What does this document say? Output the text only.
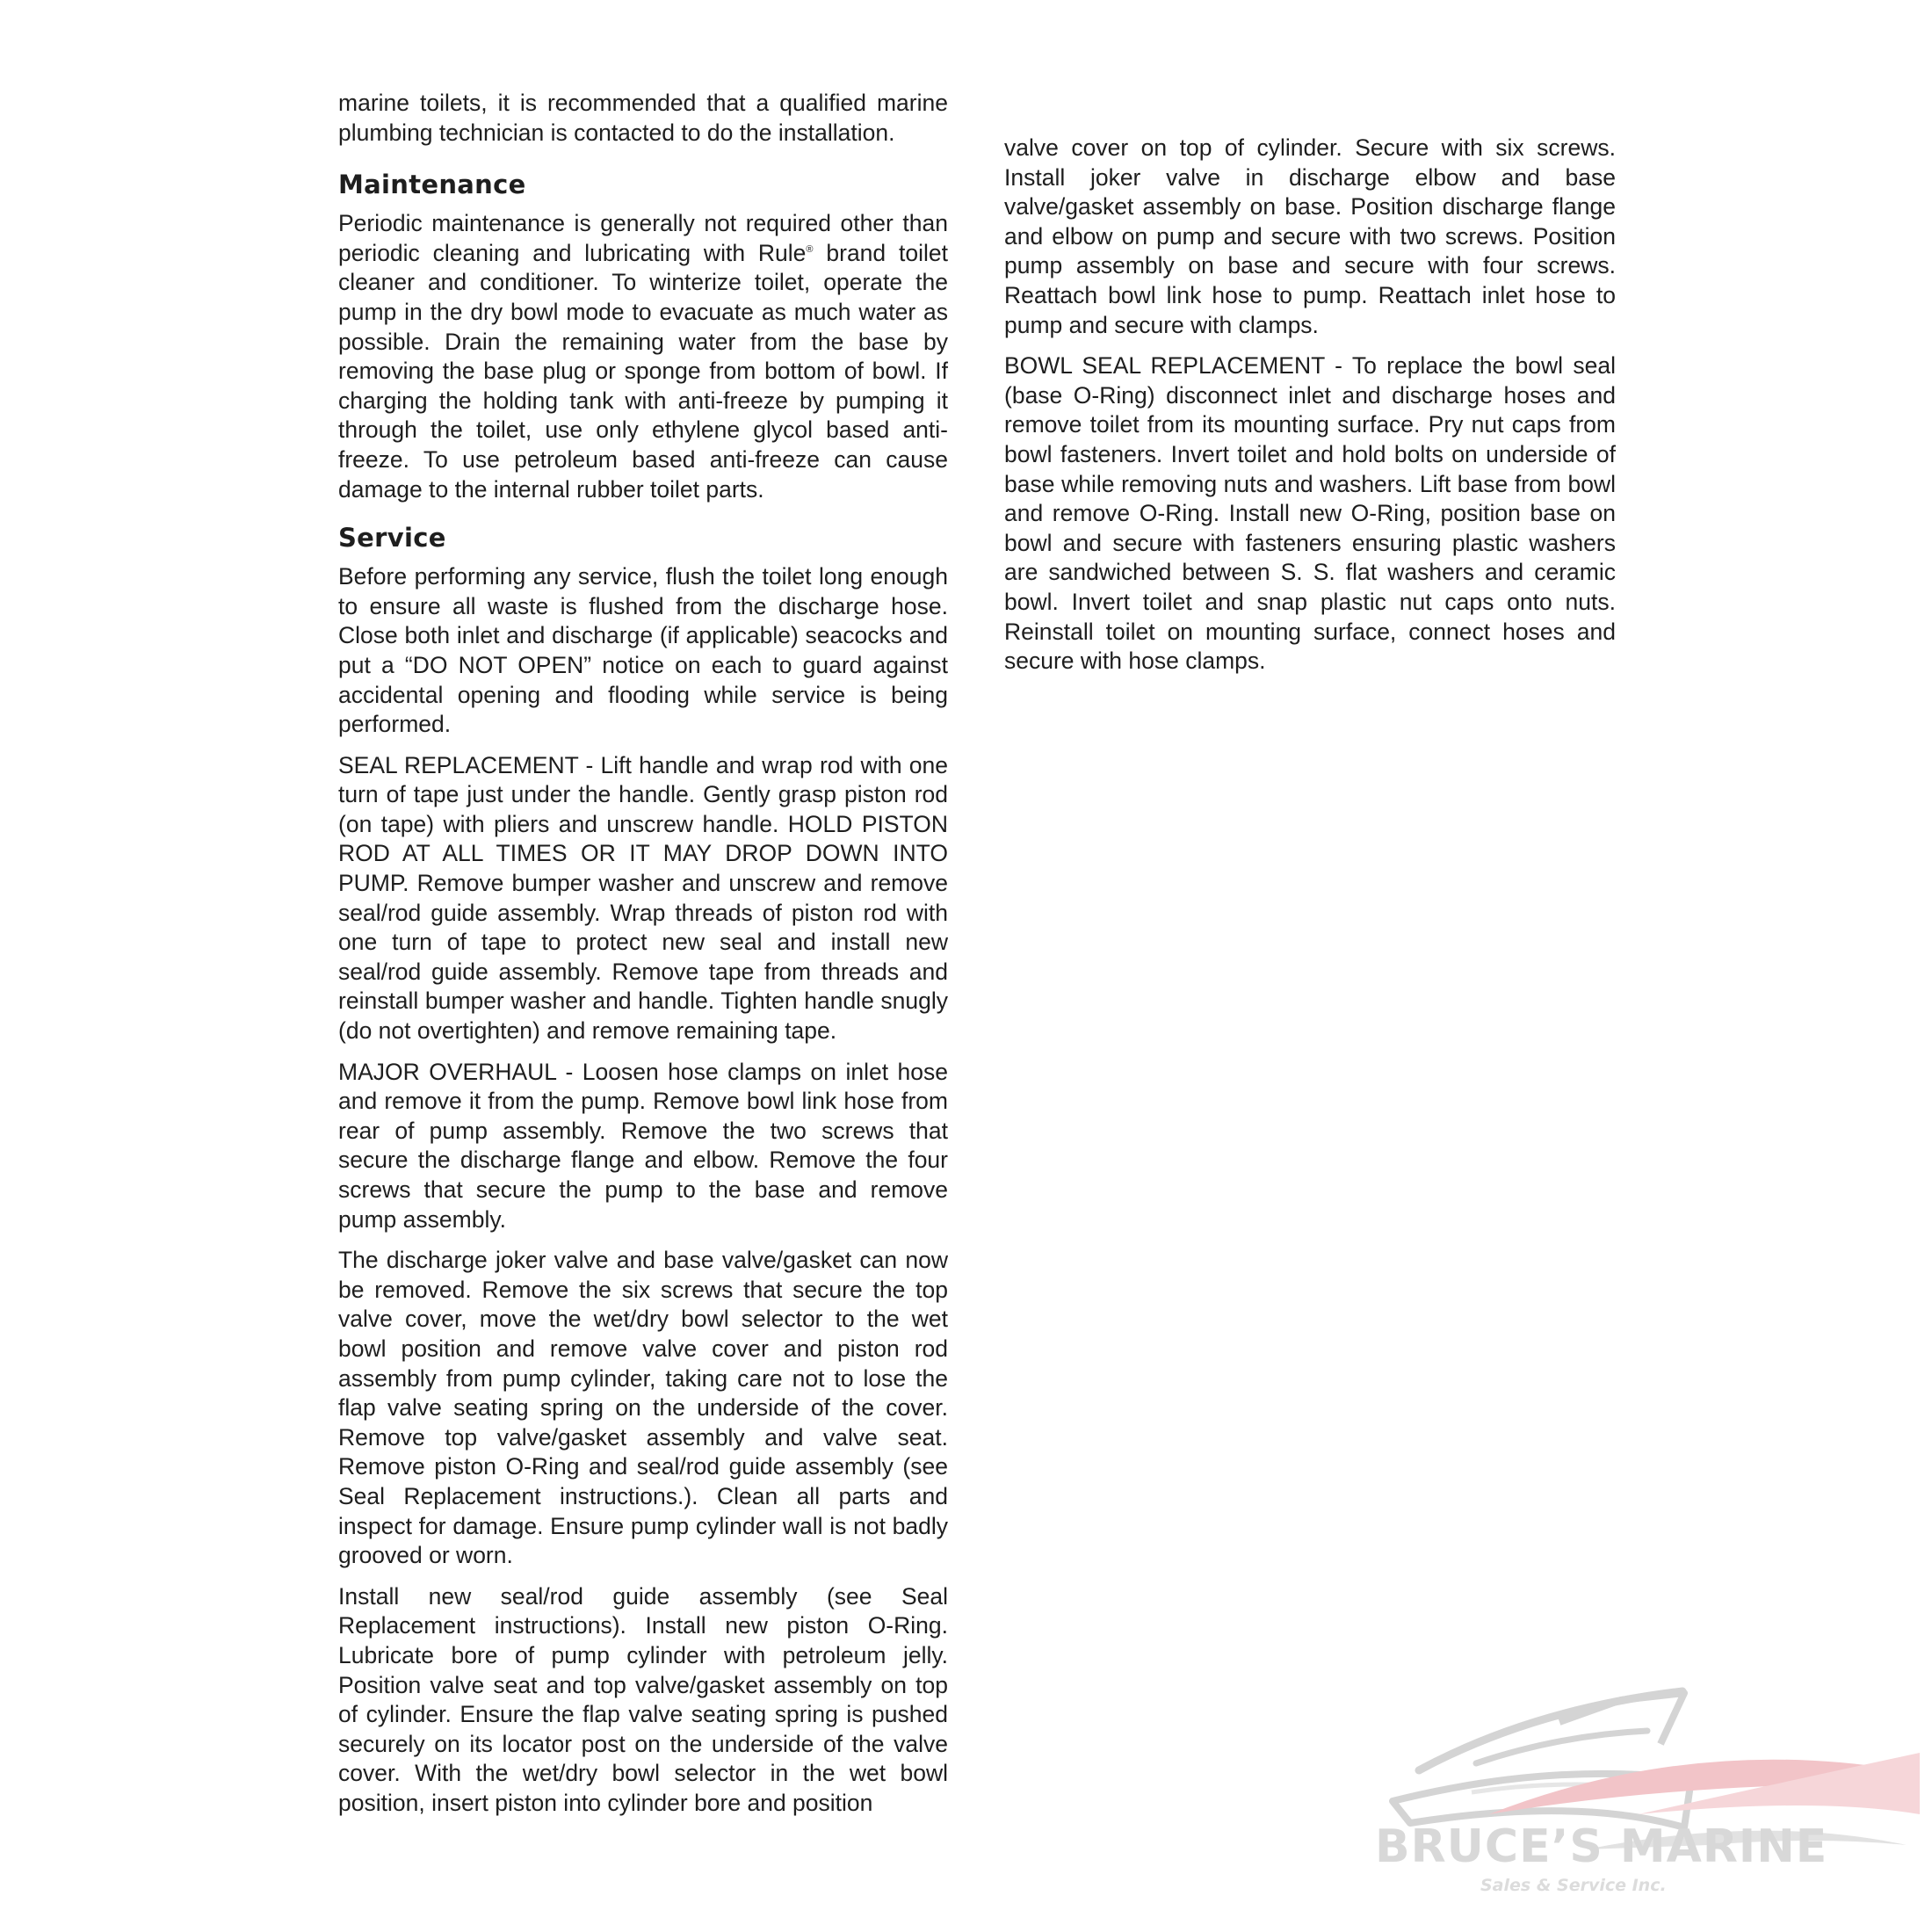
marine toilets, it is recommended that a qualified marine plumbing technician is contacted to do the installation.

Maintenance

Periodic maintenance is generally not required other than periodic cleaning and lubricating with Rule® brand toilet cleaner and conditioner. To winterize toilet, operate the pump in the dry bowl mode to evacuate as much water as possible. Drain the remaining water from the base by removing the base plug or sponge from bottom of bowl. If charging the holding tank with anti-freeze by pumping it through the toilet, use only ethylene glycol based anti-freeze. To use petroleum based anti-freeze can cause damage to the internal rubber toilet parts.

Service

Before performing any service, flush the toilet long enough to ensure all waste is flushed from the discharge hose. Close both inlet and discharge (if applicable) seacocks and put a “DO NOT OPEN” notice on each to guard against accidental opening and flooding while service is being performed.

SEAL REPLACEMENT - Lift handle and wrap rod with one turn of tape just under the handle. Gently grasp piston rod (on tape) with pliers and unscrew handle. HOLD PISTON ROD AT ALL TIMES OR IT MAY DROP DOWN INTO PUMP. Remove bumper washer and unscrew and remove seal/rod guide assembly. Wrap threads of piston rod with one turn of tape to protect new seal and install new seal/rod guide assembly. Remove tape from threads and reinstall bumper washer and handle. Tighten handle snugly (do not overtighten) and remove remaining tape.

MAJOR OVERHAUL - Loosen hose clamps on inlet hose and remove it from the pump. Remove bowl link hose from rear of pump assembly. Remove the two screws that secure the discharge flange and elbow. Remove the four screws that secure the pump to the base and remove pump assembly.

The discharge joker valve and base valve/gasket can now be removed. Remove the six screws that secure the top valve cover, move the wet/dry bowl selector to the wet bowl position and remove valve cover and piston rod assembly from pump cylinder, taking care not to lose the flap valve seating spring on the underside of the cover. Remove top valve/gasket assembly and valve seat. Remove piston O-Ring and seal/rod guide assembly (see Seal Replacement instructions.). Clean all parts and inspect for damage. Ensure pump cylinder wall is not badly grooved or worn.

Install new seal/rod guide assembly (see Seal Replacement instructions). Install new piston O-Ring. Lubricate bore of pump cylinder with petroleum jelly. Position valve seat and top valve/gasket assembly on top of cylinder. Ensure the flap valve seating spring is pushed securely on its locator post on the underside of the valve cover. With the wet/dry bowl selector in the wet bowl position, insert piston into cylinder bore and position

valve cover on top of cylinder. Secure with six screws. Install joker valve in discharge elbow and base valve/gasket assembly on base. Position discharge flange and elbow on pump and secure with two screws. Position pump assembly on base and secure with four screws. Reattach bowl link hose to pump. Reattach inlet hose to pump and secure with clamps.

BOWL SEAL REPLACEMENT - To replace the bowl seal (base O-Ring) disconnect inlet and discharge hoses and remove toilet from its mounting surface. Pry nut caps from bowl fasteners. Invert toilet and hold bolts on underside of base while removing nuts and washers. Lift base from bowl and remove O-Ring. Install new O-Ring, position base on bowl and secure with fasteners ensuring plastic washers are sandwiched between S. S. flat washers and ceramic bowl. Invert toilet and snap plastic nut caps onto nuts. Reinstall toilet on mounting surface, connect hoses and secure with hose clamps.

BRUCE’S MARINE
Sales & Service Inc.
